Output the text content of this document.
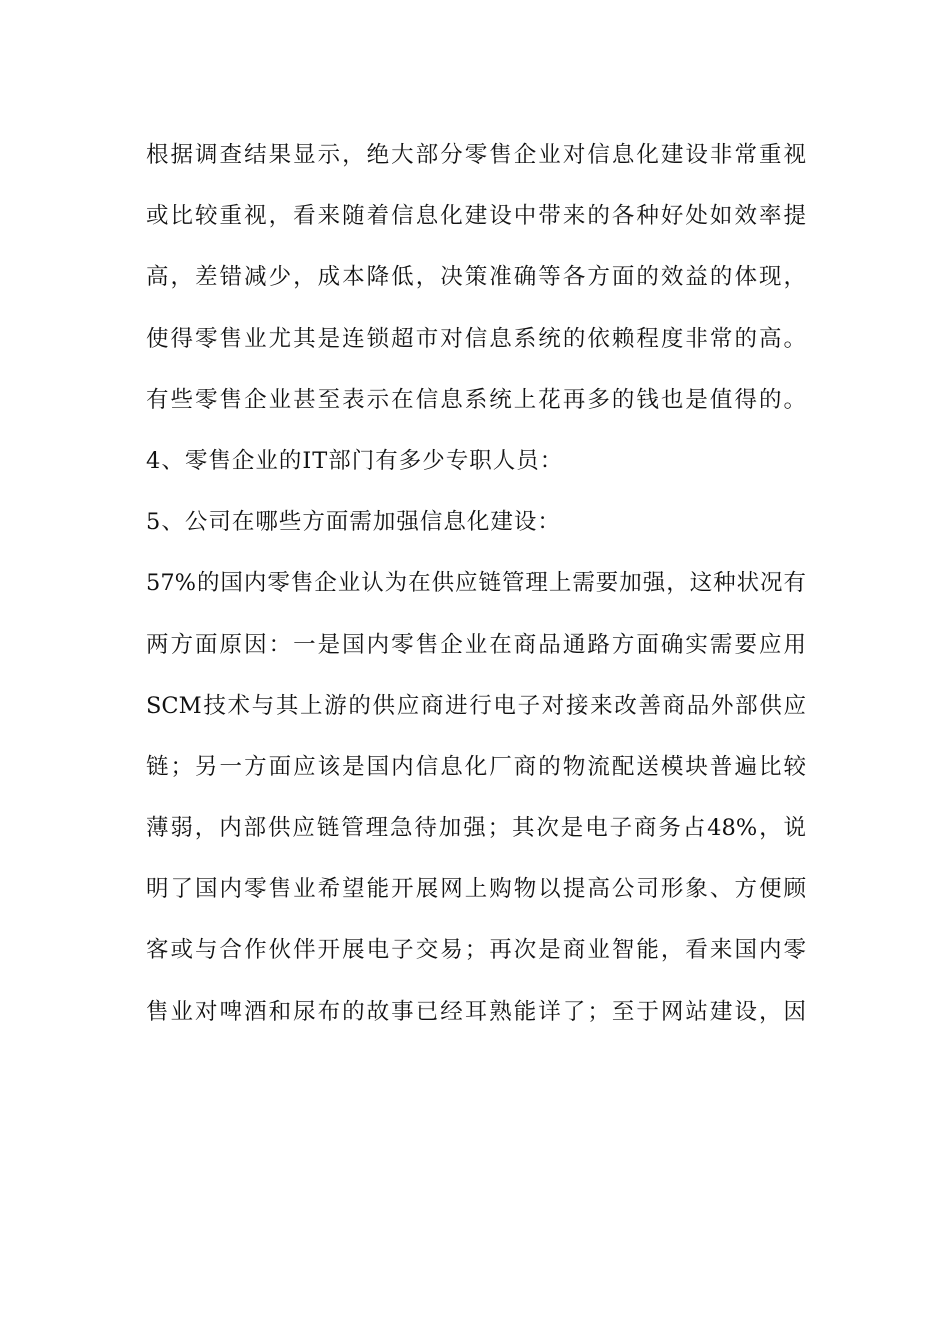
根据调查结果显示，绝大部分零售企业对信息化建设非常重视
或比较重视，看来随着信息化建设中带来的各种好处如效率提
高，差错减少，成本降低，决策准确等各方面的效益的体现，
使得零售业尤其是连锁超市对信息系统的依赖程度非常的高。
有些零售企业甚至表示在信息系统上花再多的钱也是值得的。
4、零售企业的IT部门有多少专职人员：
5、公司在哪些方面需加强信息化建设：
57%的国内零售企业认为在供应链管理上需要加强，这种状况有
两方面原因：一是国内零售企业在商品通路方面确实需要应用
SCM技术与其上游的供应商进行电子对接来改善商品外部供应
链；另一方面应该是国内信息化厂商的物流配送模块普遍比较
薄弱，内部供应链管理急待加强；其次是电子商务占48%，说
明了国内零售业希望能开展网上购物以提高公司形象、方便顾
客或与合作伙伴开展电子交易；再次是商业智能，看来国内零
售业对啤酒和尿布的故事已经耳熟能详了；至于网站建设，因
